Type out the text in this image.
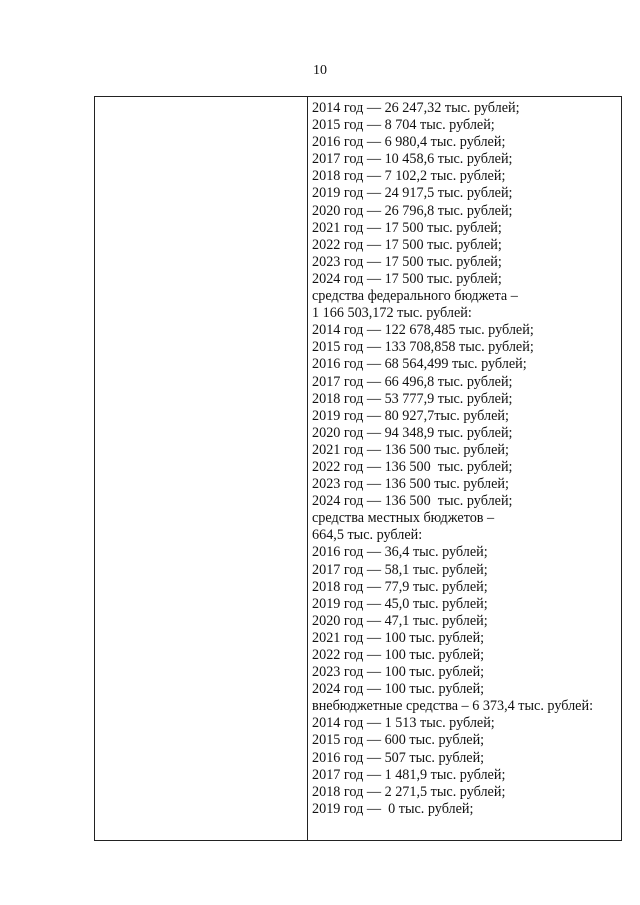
10
2014 год — 26 247,32 тыс. рублей;
2015 год — 8 704 тыс. рублей;
2016 год — 6 980,4 тыс. рублей;
2017 год — 10 458,6 тыс. рублей;
2018 год — 7 102,2 тыс. рублей;
2019 год — 24 917,5 тыс. рублей;
2020 год — 26 796,8 тыс. рублей;
2021 год — 17 500 тыс. рублей;
2022 год — 17 500 тыс. рублей;
2023 год — 17 500 тыс. рублей;
2024 год — 17 500 тыс. рублей;
средства федерального бюджета –
1 166 503,172 тыс. рублей:
2014 год — 122 678,485 тыс. рублей;
2015 год — 133 708,858 тыс. рублей;
2016 год — 68 564,499 тыс. рублей;
2017 год — 66 496,8 тыс. рублей;
2018 год — 53 777,9 тыс. рублей;
2019 год — 80 927,7тыс. рублей;
2020 год — 94 348,9 тыс. рублей;
2021 год — 136 500 тыс. рублей;
2022 год — 136 500  тыс. рублей;
2023 год — 136 500 тыс. рублей;
2024 год — 136 500  тыс. рублей;
средства местных бюджетов –
664,5 тыс. рублей:
2016 год — 36,4 тыс. рублей;
2017 год — 58,1 тыс. рублей;
2018 год — 77,9 тыс. рублей;
2019 год — 45,0 тыс. рублей;
2020 год — 47,1 тыс. рублей;
2021 год — 100 тыс. рублей;
2022 год — 100 тыс. рублей;
2023 год — 100 тыс. рублей;
2024 год — 100 тыс. рублей;
внебюджетные средства – 6 373,4 тыс. рублей:
2014 год — 1 513 тыс. рублей;
2015 год — 600 тыс. рублей;
2016 год — 507 тыс. рублей;
2017 год — 1 481,9 тыс. рублей;
2018 год — 2 271,5 тыс. рублей;
2019 год —  0 тыс. рублей;
